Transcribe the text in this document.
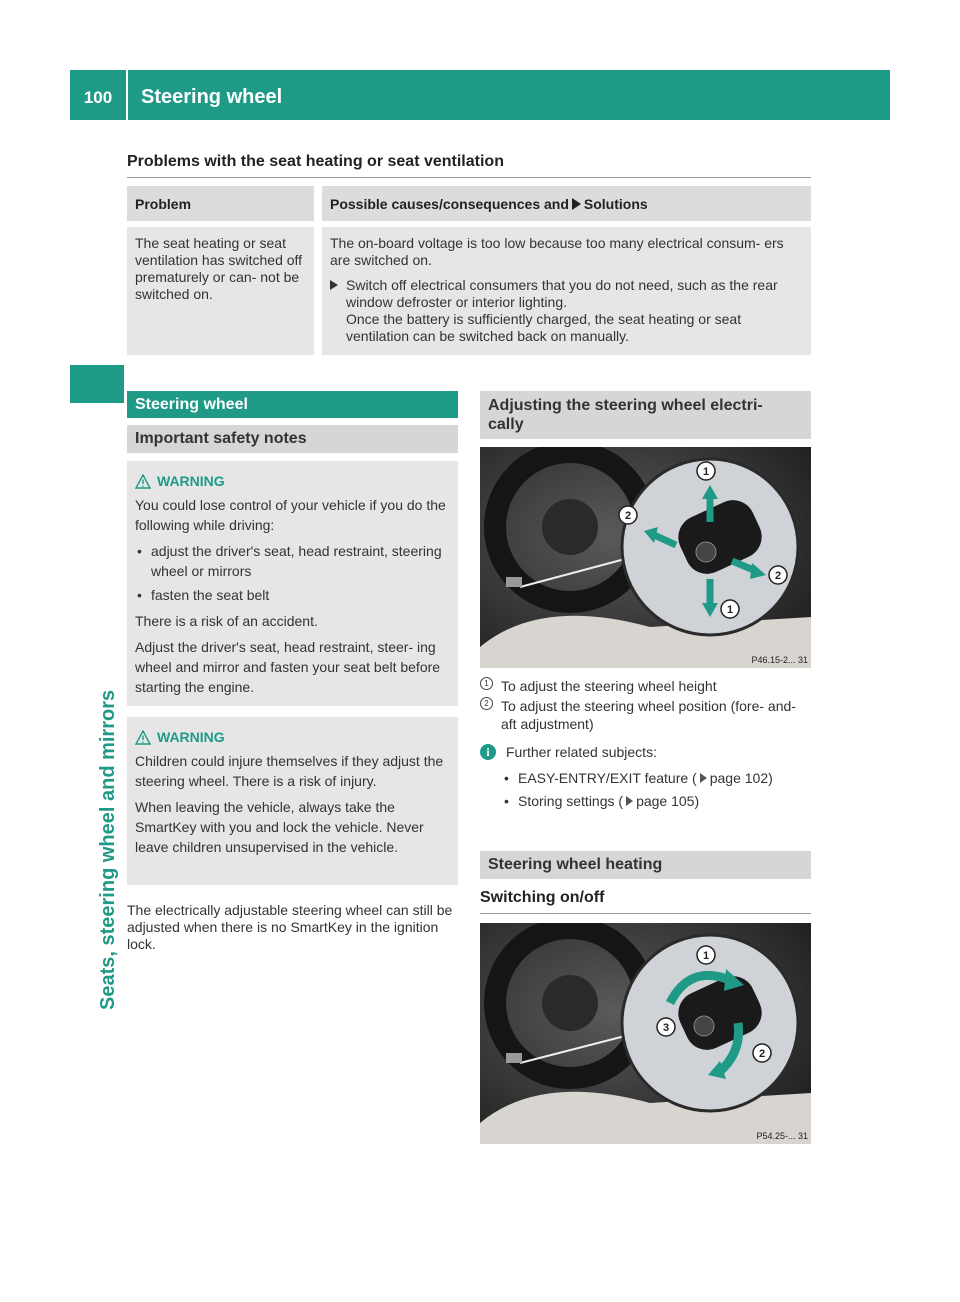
100	Steering wheel
Seats, steering wheel and mirrors
Problems with the seat heating or seat ventilation
Problem	Possible causes/consequences and Solutions
The seat heating or seat ventilation has switched off prematurely or can- not be switched on.	The on-board voltage is too low because too many electrical consum- ers are switched on.
Switch off electrical consumers that you do not need, such as the rear window defroster or interior lighting.
Once the battery is sufficiently charged, the seat heating or seat ventilation can be switched back on manually.
Steering wheel
Important safety notes
WARNING

You could lose control of your vehicle if you do the following while driving:

• adjust the driver's seat, head restraint, steering wheel or mirrors
• fasten the seat belt

There is a risk of an accident.

Adjust the driver's seat, head restraint, steer- ing wheel and mirror and fasten your seat belt before starting the engine.

WARNING

Children could injure themselves if they adjust the steering wheel. There is a risk of injury.

When leaving the vehicle, always take the SmartKey with you and lock the vehicle. Never leave children unsupervised in the vehicle.

The electrically adjustable steering wheel can still be adjusted when there is no SmartKey in the ignition lock.
Adjusting the steering wheel electri-
cally
1
2
2
1
P46.15-2... 31
1 To adjust the steering wheel height
2 To adjust the steering wheel position (fore- and-aft adjustment)
i	Further related subjects:
• EASY-ENTRY/EXIT feature ( page 102)
• Storing settings ( page 105)
Steering wheel heating
Switching on/off
1
3
2
P54.25-... 31
